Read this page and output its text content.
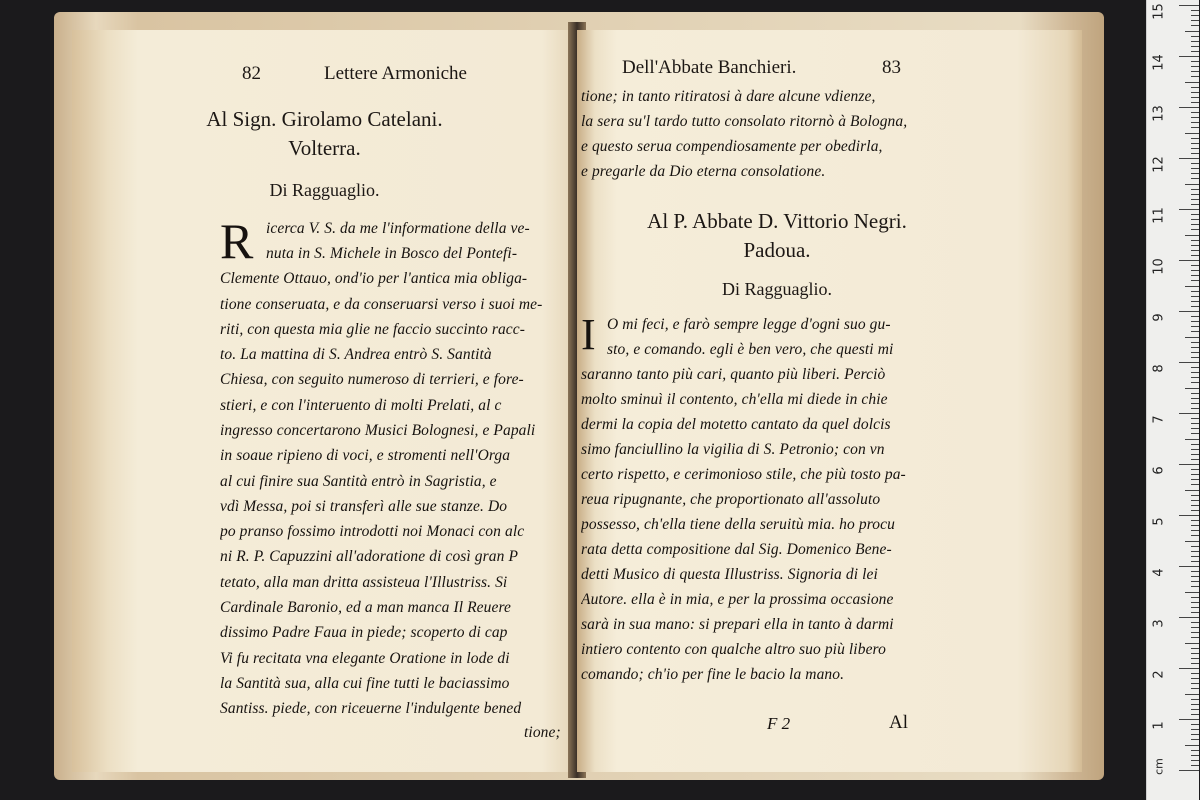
82	Lettere Armoniche
Al Sign. Girolamo Catelani.
Volterra.
Di Ragguaglio.
R icerca V. S. da me l'informatione della ve-
nuta in S. Michele in Bosco del Pontefi-
Clemente Ottauo, ond'io per l'antica mia obliga-
tione conseruata, e da conseruarsi verso i suoi me-
riti, con questa mia glie ne faccio succinto racc-
to. La mattina di S. Andrea entrò S. Santità
Chiesa, con seguito numeroso di terrieri, e fore-
stieri, e con l'interuento di molti Prelati, al c
ingresso concertarono Musici Bolognesi, e Papali
in soaue ripieno di voci, e stromenti nell'Orga
al cui finire sua Santità entrò in Sagristia, e
vdì Messa, poi si transferì alle sue stanze. Do
po pranso fossimo introdotti noi Monaci con alc
ni R. P. Capuzzini all'adoratione di così gran P
tetato, alla man dritta assisteua l'Illustriss. Si
Cardinale Baronio, ed a man manca Il Reuere
dissimo Padre Faua in piede; scoperto di cap
Vi fu recitata vna elegante Oratione in lode di
la Santità sua, alla cui fine tutti le baciassimo
Santiss. piede, con riceuerne l'indulgente bened
tione;
Dell'Abbate Banchieri.	83
tione; in tanto ritiratosi à dare alcune vdienze,
la sera su'l tardo tutto consolato ritornò à Bologna,
e questo serua compendiosamente per obedirla,
e pregarle da Dio eterna consolatione.
Al P. Abbate D. Vittorio Negri.
Padoua.
Di Ragguaglio.
I O mi feci, e farò sempre legge d'ogni suo gu-
sto, e comando. egli è ben vero, che questi mi
saranno tanto più cari, quanto più liberi. Perciò
molto sminuì il contento, ch'ella mi diede in chie
dermi la copia del motetto cantato da quel dolcis
simo fanciullino la vigilia di S. Petronio; con vn
certo rispetto, e cerimonioso stile, che più tosto pa-
reua ripugnante, che proportionato all'assoluto
possesso, ch'ella tiene della seruitù mia. ho procu
rata detta compositione dal Sig. Domenico Bene-
detti Musico di questa Illustriss. Signoria di lei
Autore. ella è in mia, e per la prossima occasione
sarà in sua mano: si prepari ella in tanto à darmi
intiero contento con qualche altro suo più libero
comando; ch'io per fine le bacio la mano.
F 2	Al	1
2
3
4
5
6
7
8
9
10
11
12
13
14
15
cm
